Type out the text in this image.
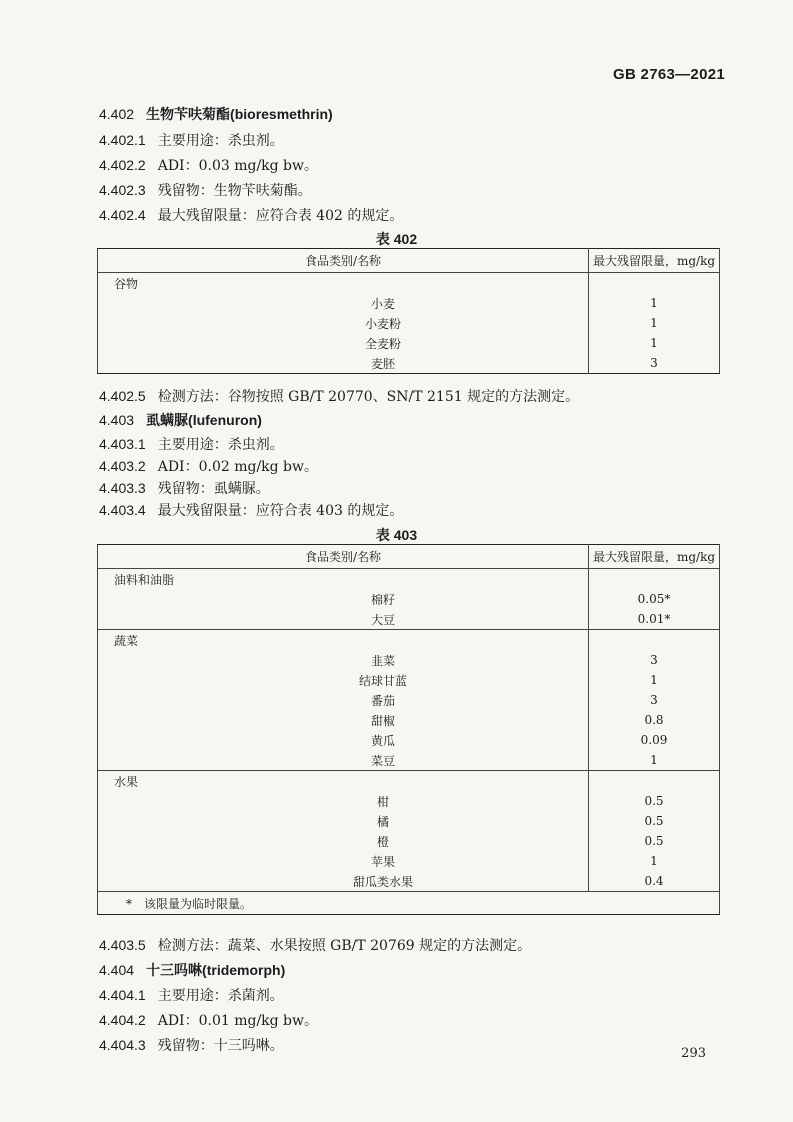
GB 2763—2021
4.402 生物苄呋菊酯(bioresmethrin)
4.402.1 主要用途：杀虫剂。
4.402.2 ADI：0.03 mg/kg bw。
4.402.3 残留物：生物苄呋菊酯。
4.402.4 最大残留限量：应符合表 402 的规定。
表 402
食品类别/名称	最大残留限量，mg/kg
谷物	
小麦	1
小麦粉	1
全麦粉	1
麦胚	3
4.402.5 检测方法：谷物按照 GB/T 20770、SN/T 2151 规定的方法测定。
4.403 虱螨脲(lufenuron)
4.403.1 主要用途：杀虫剂。
4.403.2 ADI：0.02 mg/kg bw。
4.403.3 残留物：虱螨脲。
4.403.4 最大残留限量：应符合表 403 的规定。
表 403
食品类别/名称	最大残留限量，mg/kg
油料和油脂	
棉籽	0.05*
大豆	0.01*
蔬菜	
韭菜	3
结球甘蓝	1
番茄	3
甜椒	0.8
黄瓜	0.09
菜豆	1
水果	
柑	0.5
橘	0.5
橙	0.5
苹果	1
甜瓜类水果	0.4
*　该限量为临时限量。	
4.403.5 检测方法：蔬菜、水果按照 GB/T 20769 规定的方法测定。
4.404 十三吗啉(tridemorph)
4.404.1 主要用途：杀菌剂。
4.404.2 ADI：0.01 mg/kg bw。
4.404.3 残留物：十三吗啉。	293
